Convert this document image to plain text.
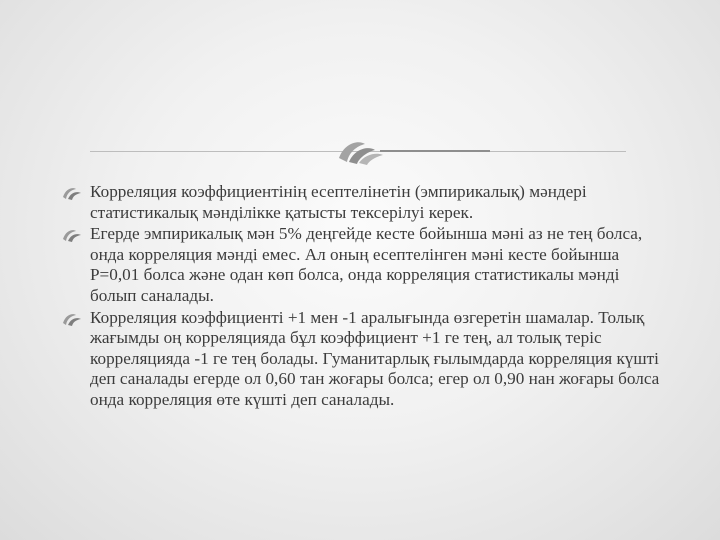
Корреляция коэффициентінің есептелінетін (эмпирикалық) мәндері статистикалық мәнділікке қатысты тексерілуі керек.
Егерде эмпирикалық мән 5% деңгейде кесте бойынша мәні аз не тең болса, онда корреляция мәнді емес. Ал оның есептелінген мәні кесте бойынша Р=0,01 болса және одан көп болса, онда корреляция статистикалы мәнді болып саналады.
Корреляция коэффициенті +1 мен -1 аралығында өзгеретін шамалар. Толық жағымды оң корреляцияда бұл коэффициент +1 ге тең, ал толық теріс корреляцияда -1 ге тең болады. Гуманитарлық ғылымдарда корреляция күшті деп саналады егерде ол 0,60 тан жоғары болса; егер ол 0,90 нан жоғары болса онда корреляция өте күшті деп саналады.
